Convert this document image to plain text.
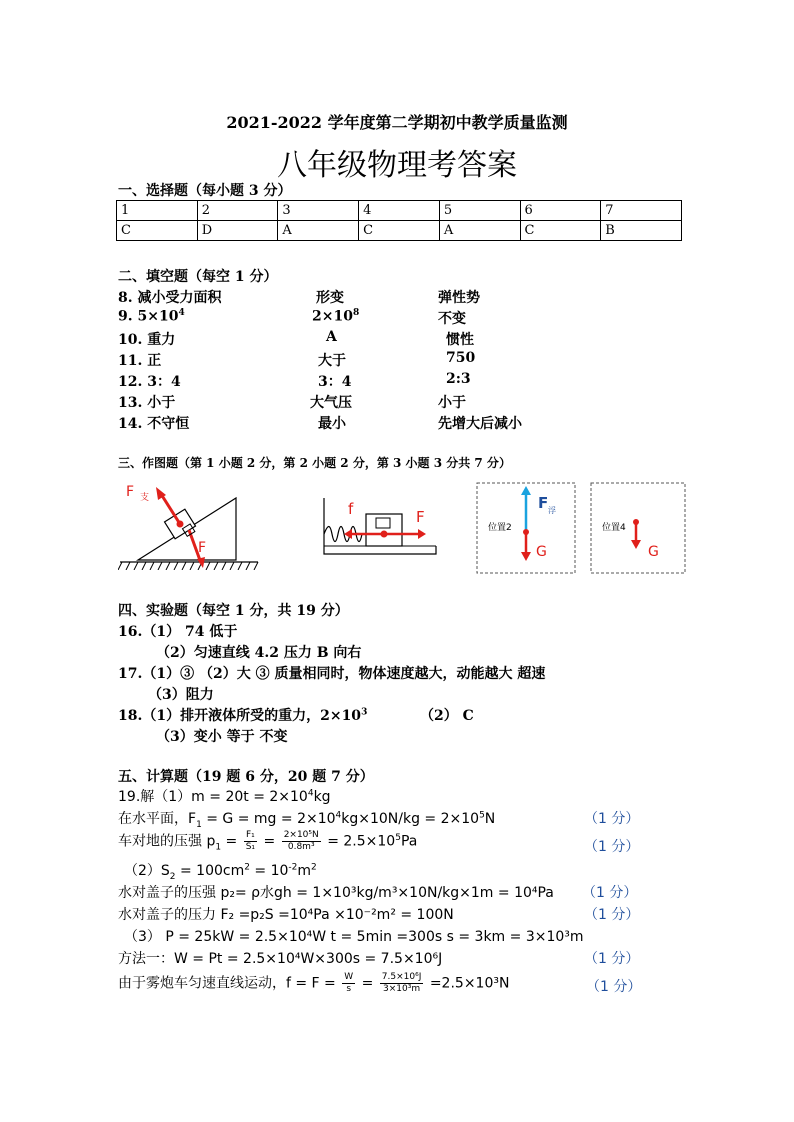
2021-2022 学年度第二学期初中教学质量监测
八年级物理考答案
一、选择题（每小题 3 分）
1	2	3	4	5	6	7
C	D	A	C	A	C	B
二、填空题（每空 1 分）
8. 减小受力面积	形变	弹性势
9. $5\times 10^4$	$2\times 10^8$	不变
10. 重力	A	惯性
11. 正	大于	750
12. 3：4	3：4	2:3
13. 小于	大气压	小于
14. 不守恒	最小	先增大后减小
三、作图题（第 1 小题 2 分，第 2 小题 2 分，第 3 小题 3 分共 7 分）
F 支
F
f	F
位置2
F 浮
G
位置4
G
四、实验题（每空 1 分，共 19 分）
16.（1） 74 低于
（2）匀速直线 4.2 压力 B 向右
17.（1）③ （2）大 ③ 质量相同时，物体速度越大，动能越大 超速
（3）阻力
18.（1）排开液体所受的重力，$2\times 10^3$	（2） C
（3）变小 等于 不变
五、计算题（19 题 6 分，20 题 7 分）
19.解$(1)m = 20t = 2\times 10^4kg$
在水平面，$F_1 = G$ = mg = $2\times 10^4kg\times 10N/kg = 2\times 10^5N$	（1 分）
车对地的压强 $p_1 = \frac{\text{F₁}}{\text{S₁}} = \frac{\text{2×10⁵N}}{\text{0.8m³}} = 2.5\times 10^5Pa$	（1 分）
$(2)S_2 = 100cm^2 = 10^{-2}m^2$
水对盖子的压强 p₂= ρ水gh = 1×10³kg/m³×10N/kg×1m = 10⁴Pa （1 分）
水对盖子的压力 F₂ =p₂S =10⁴Pa ×10⁻²m² = 100N	（1 分）
（3） P = 25kW = 2.5×10⁴W t = 5min =300s s = 3km = 3×10³m
方法一：W = Pt = 2.5×10⁴W×300s = 7.5×10⁶J	（1 分）
由于雾炮车匀速直线运动，$f = F = \frac{W}{s} = \frac{\text{7.5×10⁶J}}{\text{3×10³m}} =2.5\times 10^3N$	（1 分）
